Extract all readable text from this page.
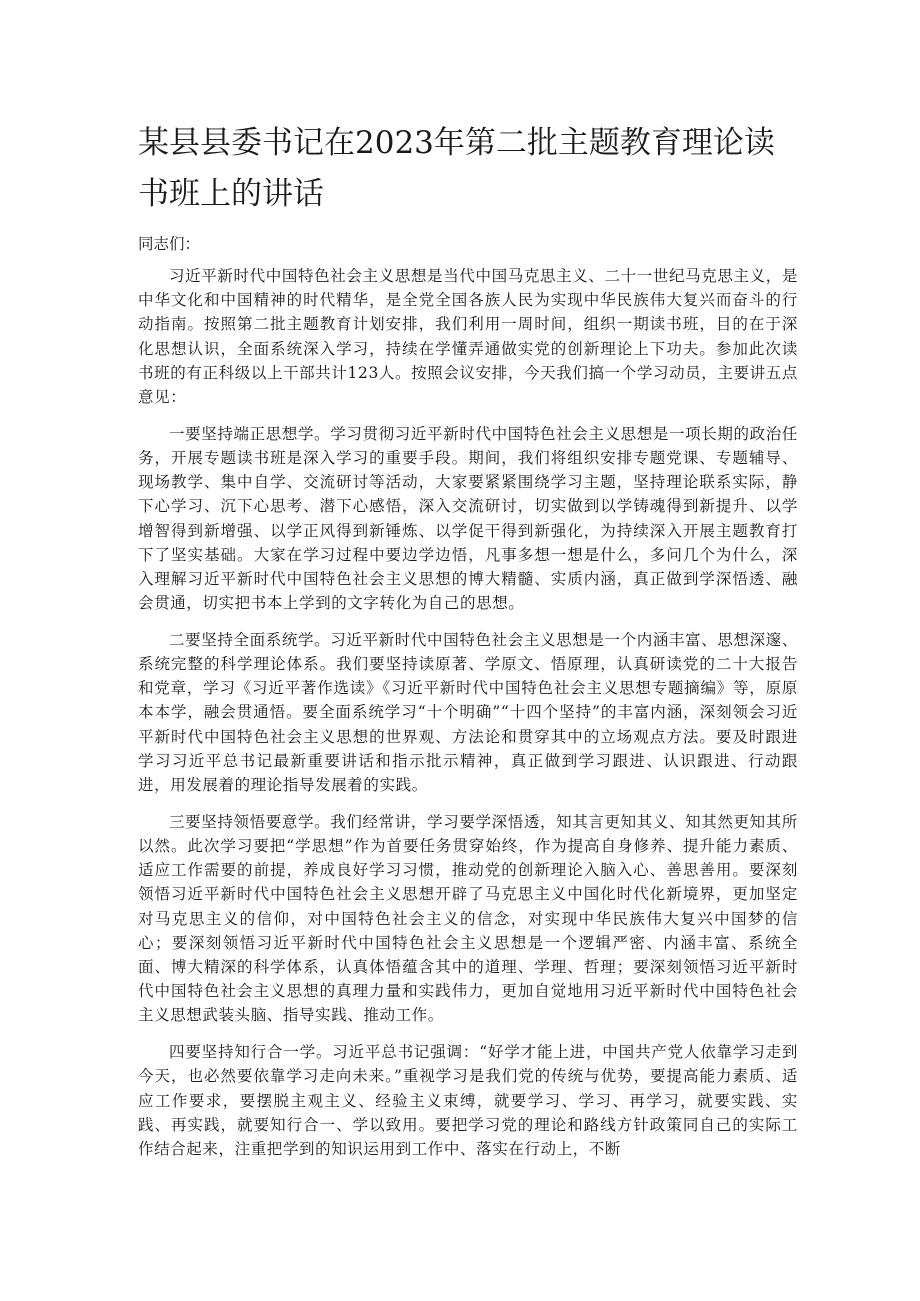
某县县委书记在2023年第二批主题教育理论读书班上的讲话

同志们：

习近平新时代中国特色社会主义思想是当代中国马克思主义、二十一世纪马克思主义，是中华文化和中国精神的时代精华，是全党全国各族人民为实现中华民族伟大复兴而奋斗的行动指南。按照第二批主题教育计划安排，我们利用一周时间，组织一期读书班，目的在于深化思想认识，全面系统深入学习，持续在学懂弄通做实党的创新理论上下功夫。参加此次读书班的有正科级以上干部共计123人。按照会议安排，今天我们搞一个学习动员，主要讲五点意见：

一要坚持端正思想学。学习贯彻习近平新时代中国特色社会主义思想是一项长期的政治任务，开展专题读书班是深入学习的重要手段。期间，我们将组织安排专题党课、专题辅导、现场教学、集中自学、交流研讨等活动，大家要紧紧围绕学习主题，坚持理论联系实际，静下心学习、沉下心思考、潜下心感悟，深入交流研讨，切实做到以学铸魂得到新提升、以学增智得到新增强、以学正风得到新锤炼、以学促干得到新强化，为持续深入开展主题教育打下了坚实基础。大家在学习过程中要边学边悟，凡事多想一想是什么，多问几个为什么，深入理解习近平新时代中国特色社会主义思想的博大精髓、实质内涵，真正做到学深悟透、融会贯通，切实把书本上学到的文字转化为自己的思想。

二要坚持全面系统学。习近平新时代中国特色社会主义思想是一个内涵丰富、思想深邃、系统完整的科学理论体系。我们要坚持读原著、学原文、悟原理，认真研读党的二十大报告和党章，学习《习近平著作选读》《习近平新时代中国特色社会主义思想专题摘编》等，原原本本学，融会贯通悟。要全面系统学习“十个明确”“十四个坚持”的丰富内涵，深刻领会习近平新时代中国特色社会主义思想的世界观、方法论和贯穿其中的立场观点方法。要及时跟进学习习近平总书记最新重要讲话和指示批示精神，真正做到学习跟进、认识跟进、行动跟进，用发展着的理论指导发展着的实践。

三要坚持领悟要意学。我们经常讲，学习要学深悟透，知其言更知其义、知其然更知其所以然。此次学习要把“学思想”作为首要任务贯穿始终，作为提高自身修养、提升能力素质、适应工作需要的前提，养成良好学习习惯，推动党的创新理论入脑入心、善思善用。要深刻领悟习近平新时代中国特色社会主义思想开辟了马克思主义中国化时代化新境界，更加坚定对马克思主义的信仰，对中国特色社会主义的信念，对实现中华民族伟大复兴中国梦的信心；要深刻领悟习近平新时代中国特色社会主义思想是一个逻辑严密、内涵丰富、系统全面、博大精深的科学体系，认真体悟蕴含其中的道理、学理、哲理；要深刻领悟习近平新时代中国特色社会主义思想的真理力量和实践伟力，更加自觉地用习近平新时代中国特色社会主义思想武装头脑、指导实践、推动工作。

四要坚持知行合一学。习近平总书记强调：“好学才能上进，中国共产党人依靠学习走到今天，也必然要依靠学习走向未来。”重视学习是我们党的传统与优势，要提高能力素质、适应工作要求，要摆脱主观主义、经验主义束缚，就要学习、学习、再学习，就要实践、实践、再实践，就要知行合一、学以致用。要把学习党的理论和路线方针政策同自己的实际工作结合起来，注重把学到的知识运用到工作中、落实在行动上，不断
